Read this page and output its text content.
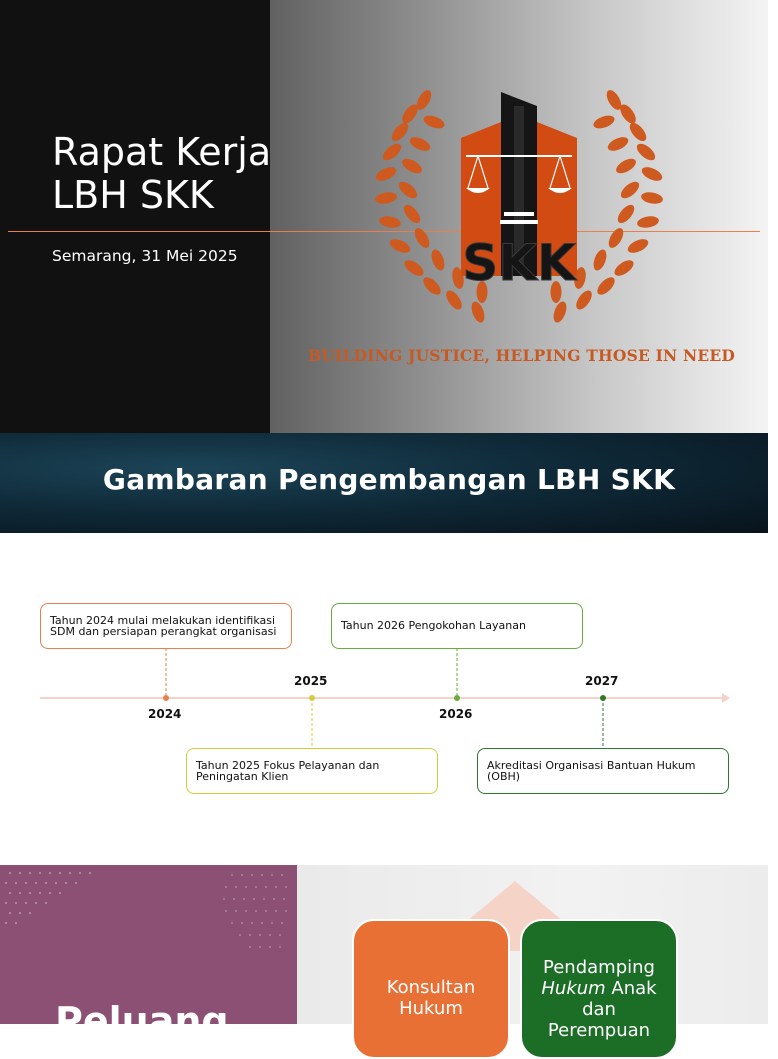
Rapat Kerja
LBH SKK
Semarang, 31 Mei 2025	SKK
BUILDING JUSTICE, HELPING THOSE IN NEED
Gambaran Pengembangan LBH SKK
Tahun 2024 mulai melakukan identifikasi SDM dan persiapan perangkat organisasi
Tahun 2025 Fokus Pelayanan dan Peningatan Klien
Tahun 2026 Pengokohan Layanan
Akreditasi Organisasi Bantuan Hukum (OBH)
2024
2025
2026
2027
Peluang
Konsultan Hukum
Pendamping
Hukum Anak
dan
Perempuan
